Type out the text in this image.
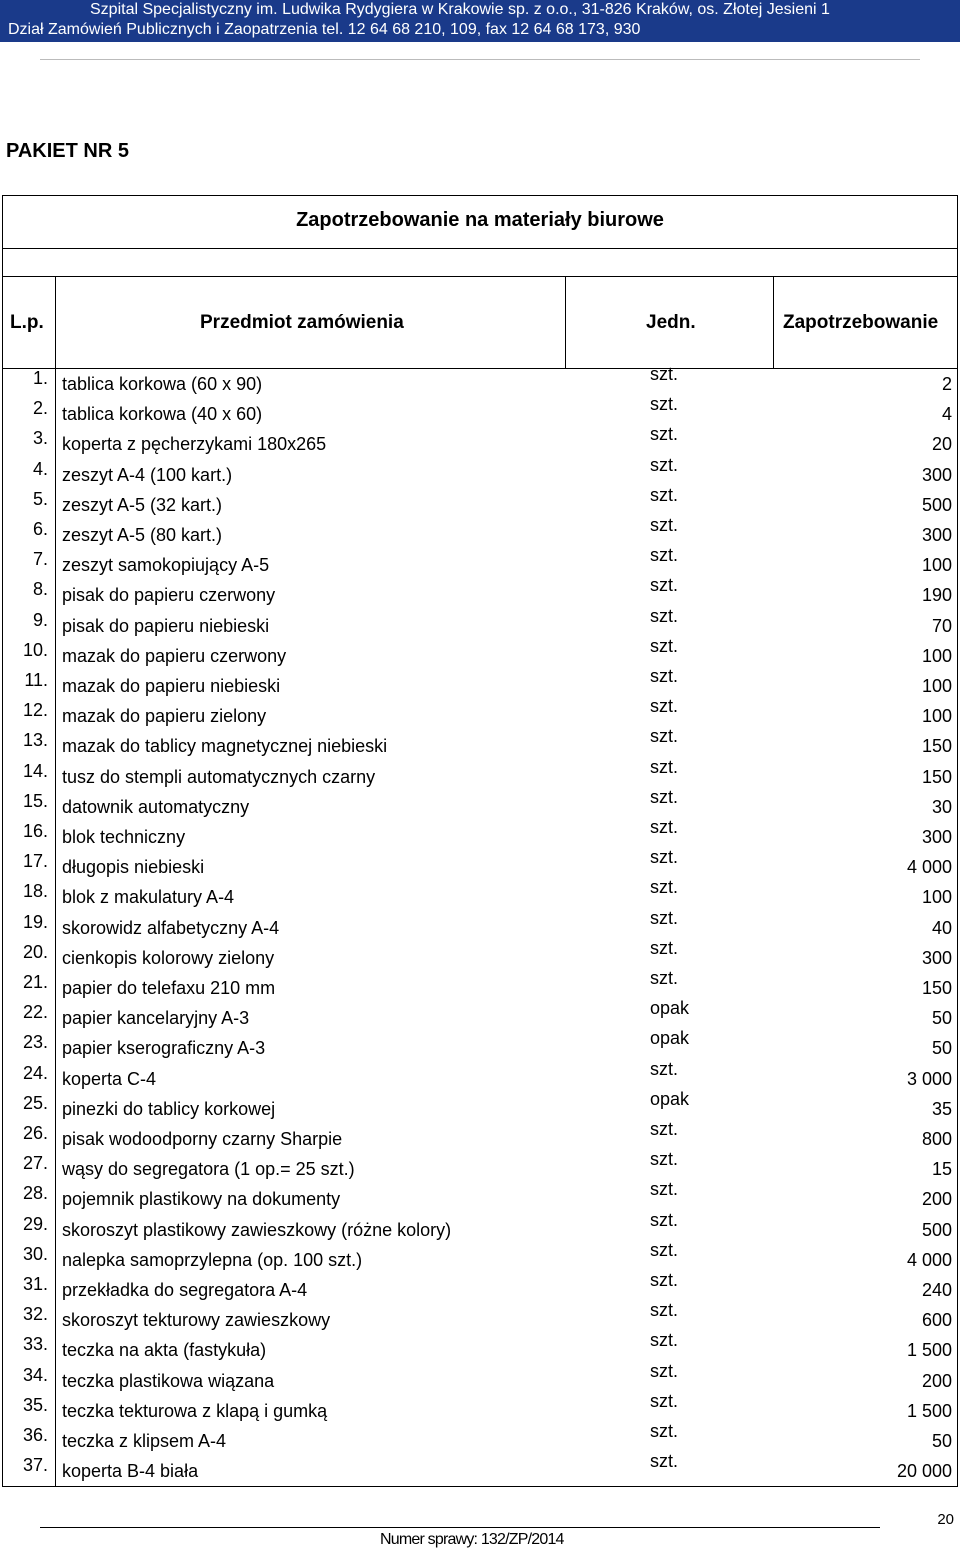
Szpital Specjalistyczny im. Ludwika Rydygiera w Krakowie sp. z o.o., 31-826 Kraków, os. Złotej Jesieni 1
Dział Zamówień Publicznych i Zaopatrzenia tel. 12 64 68 210, 109, fax 12 64 68 173, 930
PAKIET NR 5
Zapotrzebowanie na materiały biurowe
L.p.	Przedmiot zamówienia	Jedn.	Zapotrzebowanie
1. tablica korkowa (60 x 90)	szt.	2
2. tablica korkowa (40 x 60)	szt.	4
3. koperta z pęcherzykami 180x265	szt.	20
4. zeszyt A-4 (100 kart.)	szt.	300
5. zeszyt A-5 (32 kart.)	szt.	500
6. zeszyt A-5 (80 kart.)	szt.	300
7. zeszyt samokopiujący A-5	szt.	100
8. pisak do papieru czerwony	szt.	190
9. pisak do papieru niebieski	szt.	70
10. mazak do papieru czerwony	szt.	100
11. mazak do papieru niebieski	szt.	100
12. mazak do papieru zielony	szt.	100
13. mazak do tablicy magnetycznej niebieski	szt.	150
14. tusz do stempli automatycznych czarny	szt.	150
15. datownik automatyczny	szt.	30
16. blok techniczny	szt.	300
17. długopis niebieski	szt.	4 000
18. blok z makulatury A-4	szt.	100
19. skorowidz alfabetyczny A-4	szt.	40
20. cienkopis kolorowy zielony	szt.	300
21. papier do telefaxu 210 mm	szt.	150
22. papier kancelaryjny A-3	opak	50
23. papier kserograficzny A-3	opak	50
24. koperta C-4	szt.	3 000
25. pinezki do tablicy korkowej	opak	35
26. pisak wodoodporny czarny Sharpie	szt.	800
27. wąsy do segregatora (1 op.= 25 szt.)	szt.	15
28. pojemnik plastikowy na dokumenty	szt.	200
29. skoroszyt plastikowy zawieszkowy (różne kolory)	szt.	500
30. nalepka samoprzylepna (op. 100 szt.)	szt.	4 000
31. przekładka do segregatora A-4	szt.	240
32. skoroszyt tekturowy zawieszkowy	szt.	600
33. teczka na akta (fastykuła)	szt.	1 500
34. teczka plastikowa wiązana	szt.	200
35. teczka tekturowa z klapą i gumką	szt.	1 500
36. teczka z klipsem A-4	szt.	50
37. koperta B-4 biała	szt.	20 000
Numer sprawy: 132/ZP/2014
20
